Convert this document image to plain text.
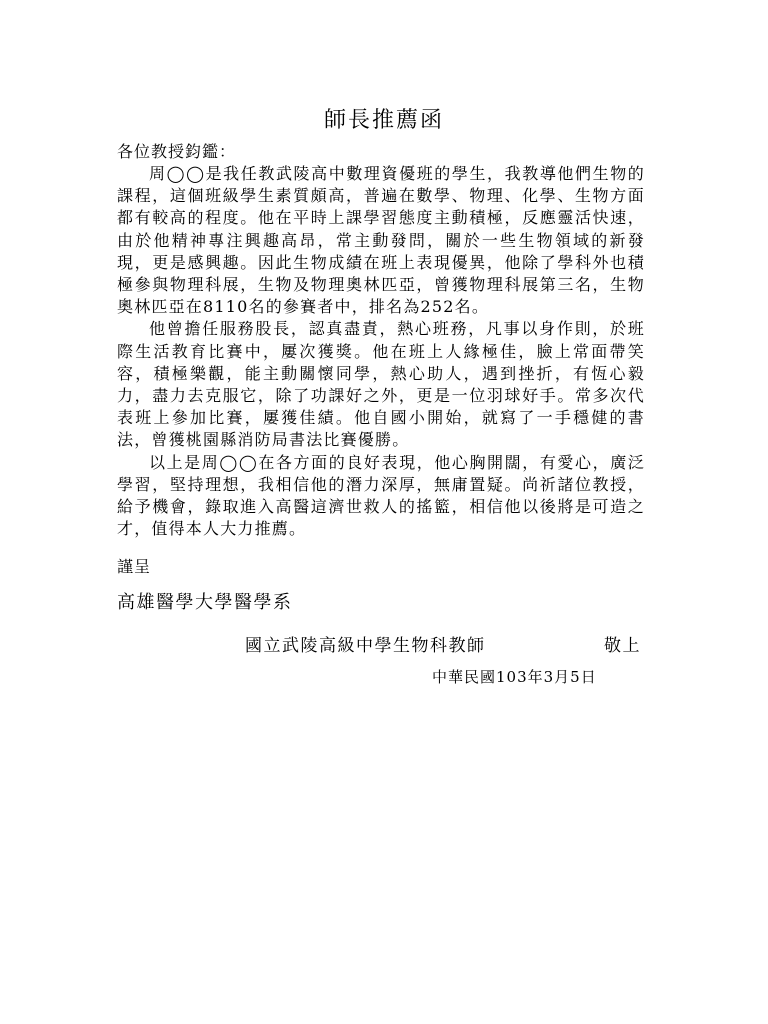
師長推薦函
各位教授鈞鑑：

周◯◯是我任教武陵高中數理資優班的學生，我教導他們生物的課程，這個班級學生素質頗高，普遍在數學、物理、化學、生物方面都有較高的程度。他在平時上課學習態度主動積極，反應靈活快速，由於他精神專注興趣高昂，常主動發問，關於一些生物領域的新發現，更是感興趣。因此生物成績在班上表現優異，他除了學科外也積極參與物理科展，生物及物理奧林匹亞，曾獲物理科展第三名，生物奧林匹亞在8110名的參賽者中，排名為252名。

他曾擔任服務股長，認真盡責，熱心班務，凡事以身作則，於班際生活教育比賽中，屢次獲獎。他在班上人緣極佳，臉上常面帶笑容，積極樂觀，能主動關懷同學，熱心助人，遇到挫折，有恆心毅力，盡力去克服它，除了功課好之外，更是一位羽球好手。常多次代表班上參加比賽，屢獲佳績。他自國小開始，就寫了一手穩健的書法，曾獲桃園縣消防局書法比賽優勝。

以上是周◯◯在各方面的良好表現，他心胸開闊，有愛心，廣泛學習，堅持理想，我相信他的潛力深厚，無庸置疑。尚祈諸位教授，給予機會，錄取進入高醫這濟世救人的搖籃，相信他以後將是可造之才，值得本人大力推薦。

謹呈
高雄醫學大學醫學系
國立武陵高級中學生物科教師	敬上
中華民國103年3月5日
